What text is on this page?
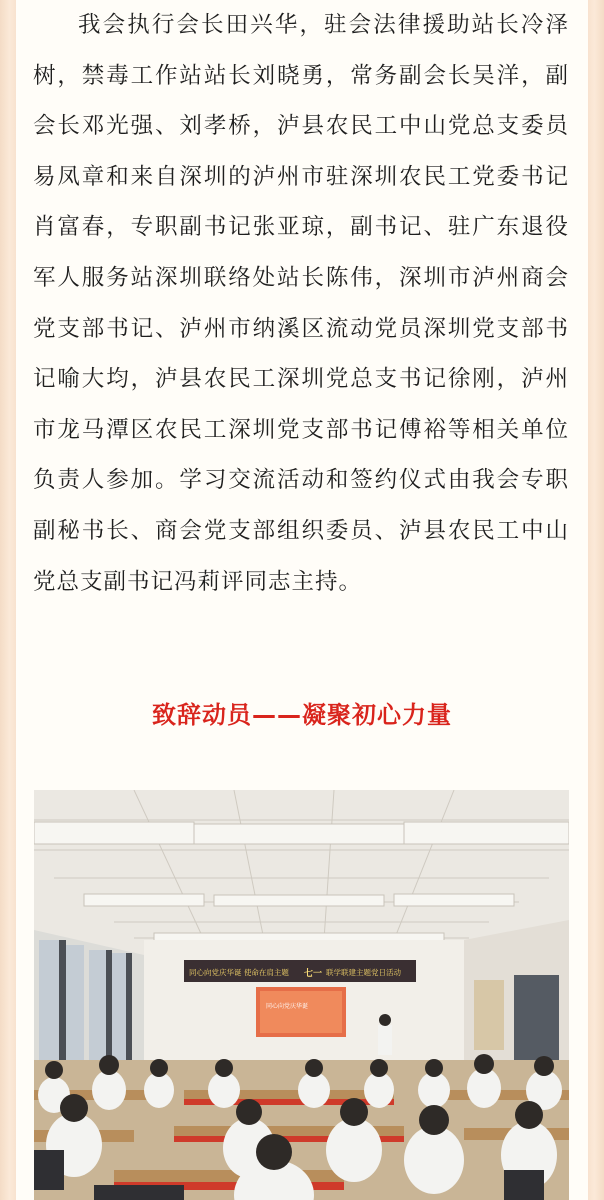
我会执行会长田兴华，驻会法律援助站长冷泽树，禁毒工作站站长刘晓勇，常务副会长吴洋，副会长邓光强、刘孝桥，泸县农民工中山党总支委员易凤章和来自深圳的泸州市驻深圳农民工党委书记肖富春，专职副书记张亚琼，副书记、驻广东退役军人服务站深圳联络处站长陈伟，深圳市泸州商会党支部书记、泸州市纳溪区流动党员深圳党支部书记喻大均，泸县农民工深圳党总支书记徐刚，泸州市龙马潭区农民工深圳党支部书记傅裕等相关单位负责人参加。学习交流活动和签约仪式由我会专职副秘书长、商会党支部组织委员、泸县农民工中山党总支副书记冯莉评同志主持。

致辞动员——凝聚初心力量
同心向党庆华诞 使命在肩主题 七一 联学联建主题党日活动
同心向党庆华诞
